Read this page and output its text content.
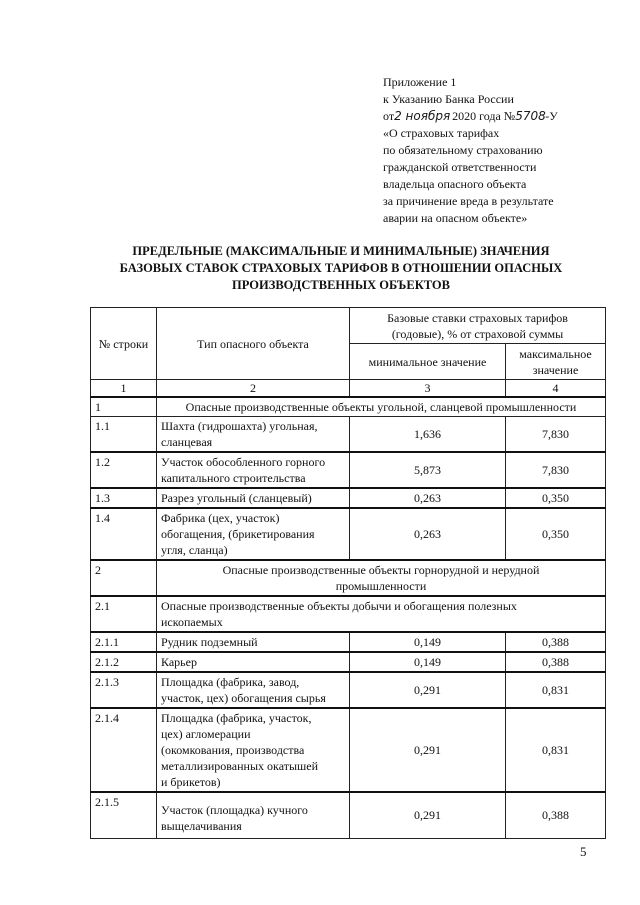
Приложение 1
к Указанию Банка России
от2 ноября 2020 года №5708-У
«О страховых тарифах
по обязательному страхованию
гражданской ответственности
владельца опасного объекта
за причинение вреда в результате
аварии на опасном объекте»
ПРЕДЕЛЬНЫЕ (МАКСИМАЛЬНЫЕ И МИНИМАЛЬНЫЕ) ЗНАЧЕНИЯ
БАЗОВЫХ СТАВОК СТРАХОВЫХ ТАРИФОВ В ОТНОШЕНИИ ОПАСНЫХ
ПРОИЗВОДСТВЕННЫХ ОБЪЕКТОВ
№ строки	Тип опасного объекта	Базовые ставки страховых тарифов
(годовые), % от страховой суммы	

		минимальное значение	максимальное
значение

1	2	3	4
1	Опасные производственные объекты угольной, сланцевой промышленности		
1.1	Шахта (гидрошахта) угольная,
сланцевая	1,636	7,830
1.2	Участок обособленного горного
капитального строительства	5,873	7,830
1.3	Разрез угольный (сланцевый)	0,263	0,350
1.4	Фабрика (цех, участок)
обогащения, (брикетирования
угля, сланца)	0,263	0,350
2	Опасные производственные объекты горнорудной и нерудной
промышленности		

2.1	Опасные производственные объекты добычи и обогащения полезных
ископаемых		

2.1.1	Рудник подземный	0,149	0,388
2.1.2	Карьер	0,149	0,388
2.1.3	Площадка (фабрика, завод,
участок, цех) обогащения сырья	0,291	0,831
2.1.4	Площадка (фабрика, участок,
цех) агломерации
(окомкования, производства
металлизированных окатышей
и брикетов)	0,291	0,831
2.1.5	Участок (площадка) кучного
выщелачивания	0,291	0,388
5
